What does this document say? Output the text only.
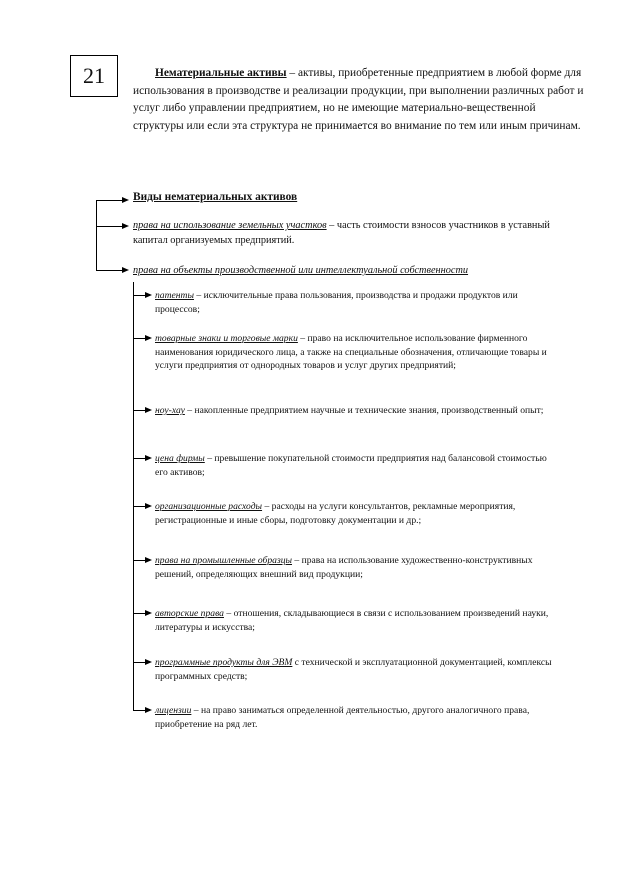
21	Нематериальные активы – активы, приобретенные предприятием в любой форме для использования в производстве и реализации продукции, при выполнении различных работ и услуг либо управлении предприятием, но не имеющие материально-вещественной структуры или если эта структура не принимается во внимание по тем или иным причинам.
Виды нематериальных активов
права на использование земельных участков – часть стоимости взносов участников в уставный капитал организуемых предприятий.
права на объекты производственной или интеллектуальной собственности
патенты – исключительные права пользования, производства и продажи продуктов или процессов;
товарные знаки и торговые марки – право на исключительное использование фирменного наименования юридического лица, а также на специальные обозначения, отличающие товары и услуги предприятия от однородных товаров и услуг других предприятий;
ноу-хау – накопленные предприятием научные и технические знания, производственный опыт;
цена фирмы – превышение покупательной стоимости предприятия над балансовой стоимостью его активов;
организационные расходы – расходы на услуги консультантов, рекламные мероприятия, регистрационные и иные сборы, подготовку документации и др.;
права на промышленные образцы – права на использование художественно-конструктивных решений, определяющих внешний вид продукции;
авторские права – отношения, складывающиеся в связи с использованием произведений науки, литературы и искусства;
программные продукты для ЭВМ с технической и эксплуатационной документацией, комплексы программных средств;
лицензии – на право заниматься определенной деятельностью, другого аналогичного права, приобретение на ряд лет.
